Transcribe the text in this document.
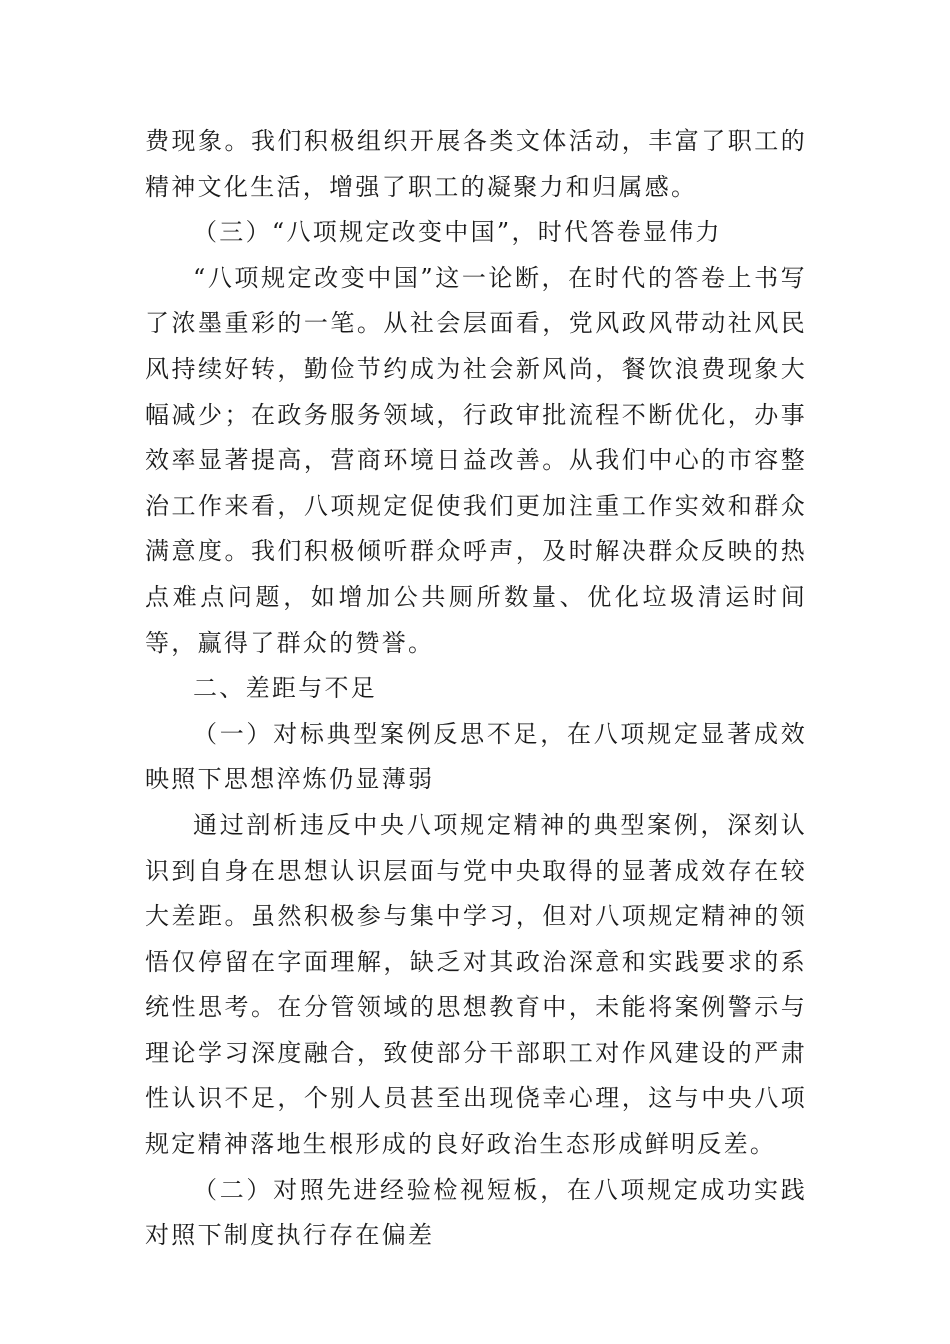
费现象。我们积极组织开展各类文体活动，丰富了职工的精神文化生活，增强了职工的凝聚力和归属感。

（三）“八项规定改变中国”，时代答卷显伟力

“八项规定改变中国”这一论断，在时代的答卷上书写了浓墨重彩的一笔。从社会层面看，党风政风带动社风民风持续好转，勤俭节约成为社会新风尚，餐饮浪费现象大幅减少；在政务服务领域，行政审批流程不断优化，办事效率显著提高，营商环境日益改善。从我们中心的市容整治工作来看，八项规定促使我们更加注重工作实效和群众满意度。我们积极倾听群众呼声，及时解决群众反映的热点难点问题，如增加公共厕所数量、优化垃圾清运时间等，赢得了群众的赞誉。

二、差距与不足

（一）对标典型案例反思不足，在八项规定显著成效映照下思想淬炼仍显薄弱

通过剖析违反中央八项规定精神的典型案例，深刻认识到自身在思想认识层面与党中央取得的显著成效存在较大差距。虽然积极参与集中学习，但对八项规定精神的领悟仅停留在字面理解，缺乏对其政治深意和实践要求的系统性思考。在分管领域的思想教育中，未能将案例警示与理论学习深度融合，致使部分干部职工对作风建设的严肃性认识不足，个别人员甚至出现侥幸心理，这与中央八项规定精神落地生根形成的良好政治生态形成鲜明反差。

（二）对照先进经验检视短板，在八项规定成功实践对照下制度执行存在偏差
